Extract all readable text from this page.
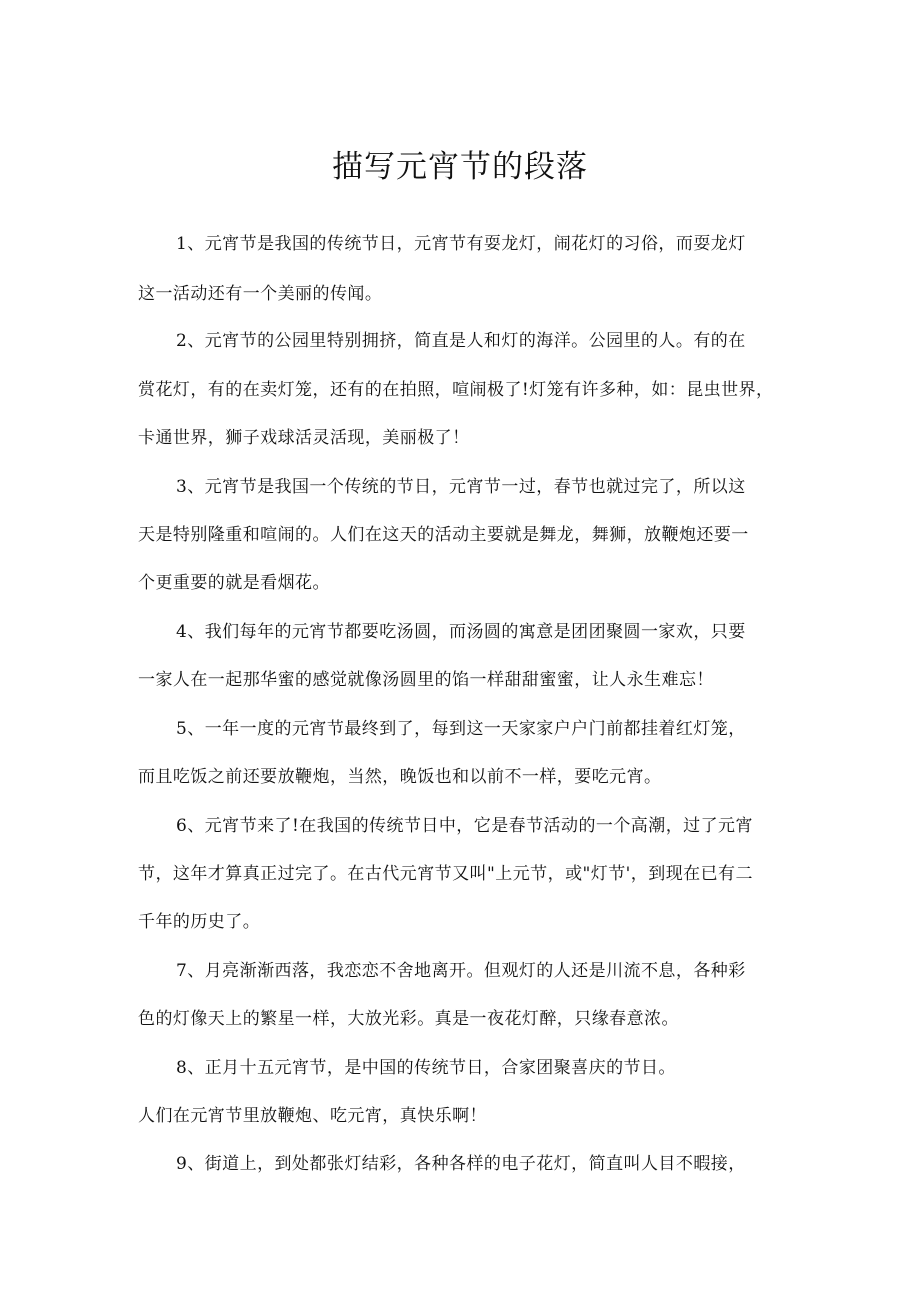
描写元宵节的段落
1、元宵节是我国的传统节日，元宵节有耍龙灯，闹花灯的习俗，而耍龙灯
这一活动还有一个美丽的传闻。
2、元宵节的公园里特别拥挤，简直是人和灯的海洋。公园里的人。有的在
赏花灯，有的在卖灯笼，还有的在拍照，喧闹极了!灯笼有许多种，如：昆虫世界，
卡通世界，狮子戏球活灵活现，美丽极了！
3、元宵节是我国一个传统的节日，元宵节一过，春节也就过完了，所以这
天是特别隆重和喧闹的。人们在这天的活动主要就是舞龙，舞狮，放鞭炮还要一
个更重要的就是看烟花。
4、我们每年的元宵节都要吃汤圆，而汤圆的寓意是团团聚圆一家欢，只要
一家人在一起那华蜜的感觉就像汤圆里的馅一样甜甜蜜蜜，让人永生难忘！
5、一年一度的元宵节最终到了，每到这一天家家户户门前都挂着红灯笼，
而且吃饭之前还要放鞭炮，当然，晚饭也和以前不一样，要吃元宵。
6、元宵节来了!在我国的传统节日中，它是春节活动的一个高潮，过了元宵
节，这年才算真正过完了。在古代元宵节又叫"上元节，或"灯节'，到现在已有二
千年的历史了。
7、月亮渐渐西落，我恋恋不舍地离开。但观灯的人还是川流不息，各种彩
色的灯像天上的繁星一样，大放光彩。真是一夜花灯醉，只缘春意浓。
8、正月十五元宵节，是中国的传统节日，合家团聚喜庆的节日。
人们在元宵节里放鞭炮、吃元宵，真快乐啊！
9、街道上，到处都张灯结彩，各种各样的电子花灯，简直叫人目不暇接，
